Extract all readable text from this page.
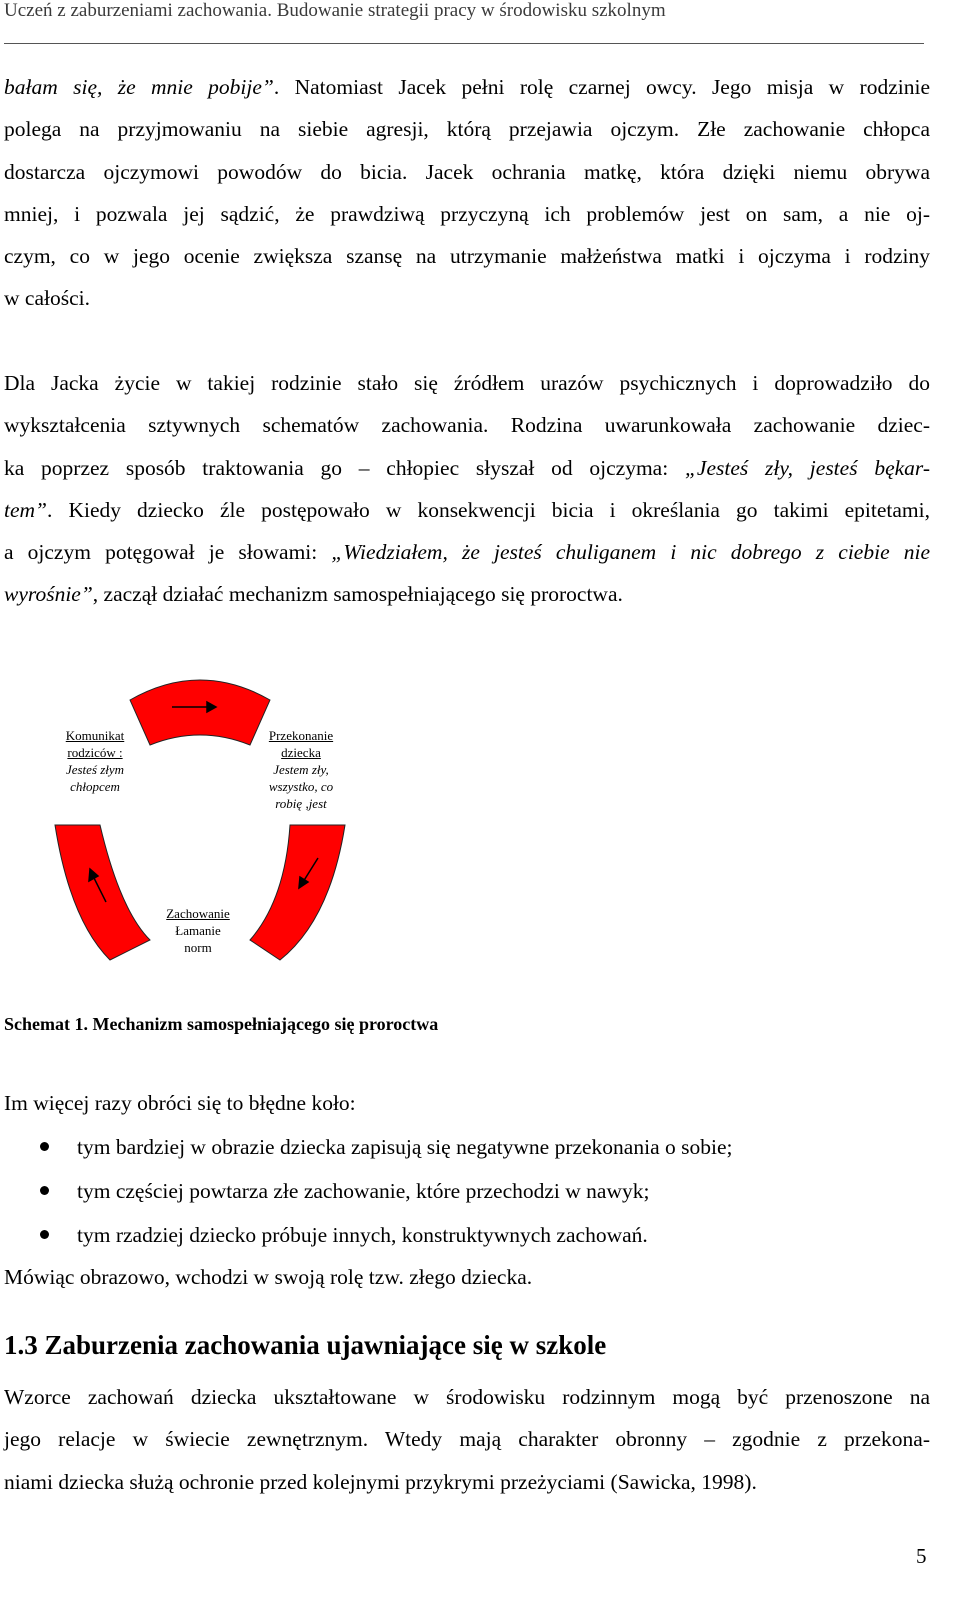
Uczeń z zaburzeniami zachowania. Budowanie strategii pracy w środowisku szkolnym
bałam się, że mnie pobije”. Natomiast Jacek pełni rolę czarnej owcy. Jego misja w rodzinie
polega na przyjmowaniu na siebie agresji, którą przejawia ojczym. Złe zachowanie chłopca
dostarcza ojczymowi powodów do bicia. Jacek ochrania matkę, która dzięki niemu obrywa
mniej, i pozwala jej sądzić, że prawdziwą przyczyną ich problemów jest on sam, a nie oj-
czym, co w jego ocenie zwiększa szansę na utrzymanie małżeństwa matki i ojczyma i rodziny
w całości.
Dla Jacka życie w takiej rodzinie stało się źródłem urazów psychicznych i doprowadziło do
wykształcenia sztywnych schematów zachowania. Rodzina uwarunkowała zachowanie dziec-
ka poprzez sposób traktowania go – chłopiec słyszał od ojczyma: „Jesteś zły, jesteś bękar-
tem”. Kiedy dziecko źle postępowało w konsekwencji bicia i określania go takimi epitetami,
a ojczym potęgował je słowami: „Wiedziałem, że jesteś chuliganem i nic dobrego z ciebie nie
wyrośnie”, zaczął działać mechanizm samospełniającego się proroctwa.
Komunikat
rodziców :
Jesteś złym
chłopcem
Przekonanie
dziecka
Jestem zły,
wszystko, co
robię ,jest
Zachowanie
Łamanie
norm
Schemat 1. Mechanizm samospełniającego się proroctwa
Im więcej razy obróci się to błędne koło:
tym bardziej w obrazie dziecka zapisują się negatywne przekonania o sobie;
tym częściej powtarza złe zachowanie, które przechodzi w nawyk;
tym rzadziej dziecko próbuje innych, konstruktywnych zachowań.
Mówiąc obrazowo, wchodzi w swoją rolę tzw. złego dziecka.
1.3 Zaburzenia zachowania ujawniające się w szkole
Wzorce zachowań dziecka ukształtowane w środowisku rodzinnym mogą być przenoszone na
jego relacje w świecie zewnętrznym. Wtedy mają charakter obronny – zgodnie z przekona-
niami dziecka służą ochronie przed kolejnymi przykrymi przeżyciami (Sawicka, 1998).
5
